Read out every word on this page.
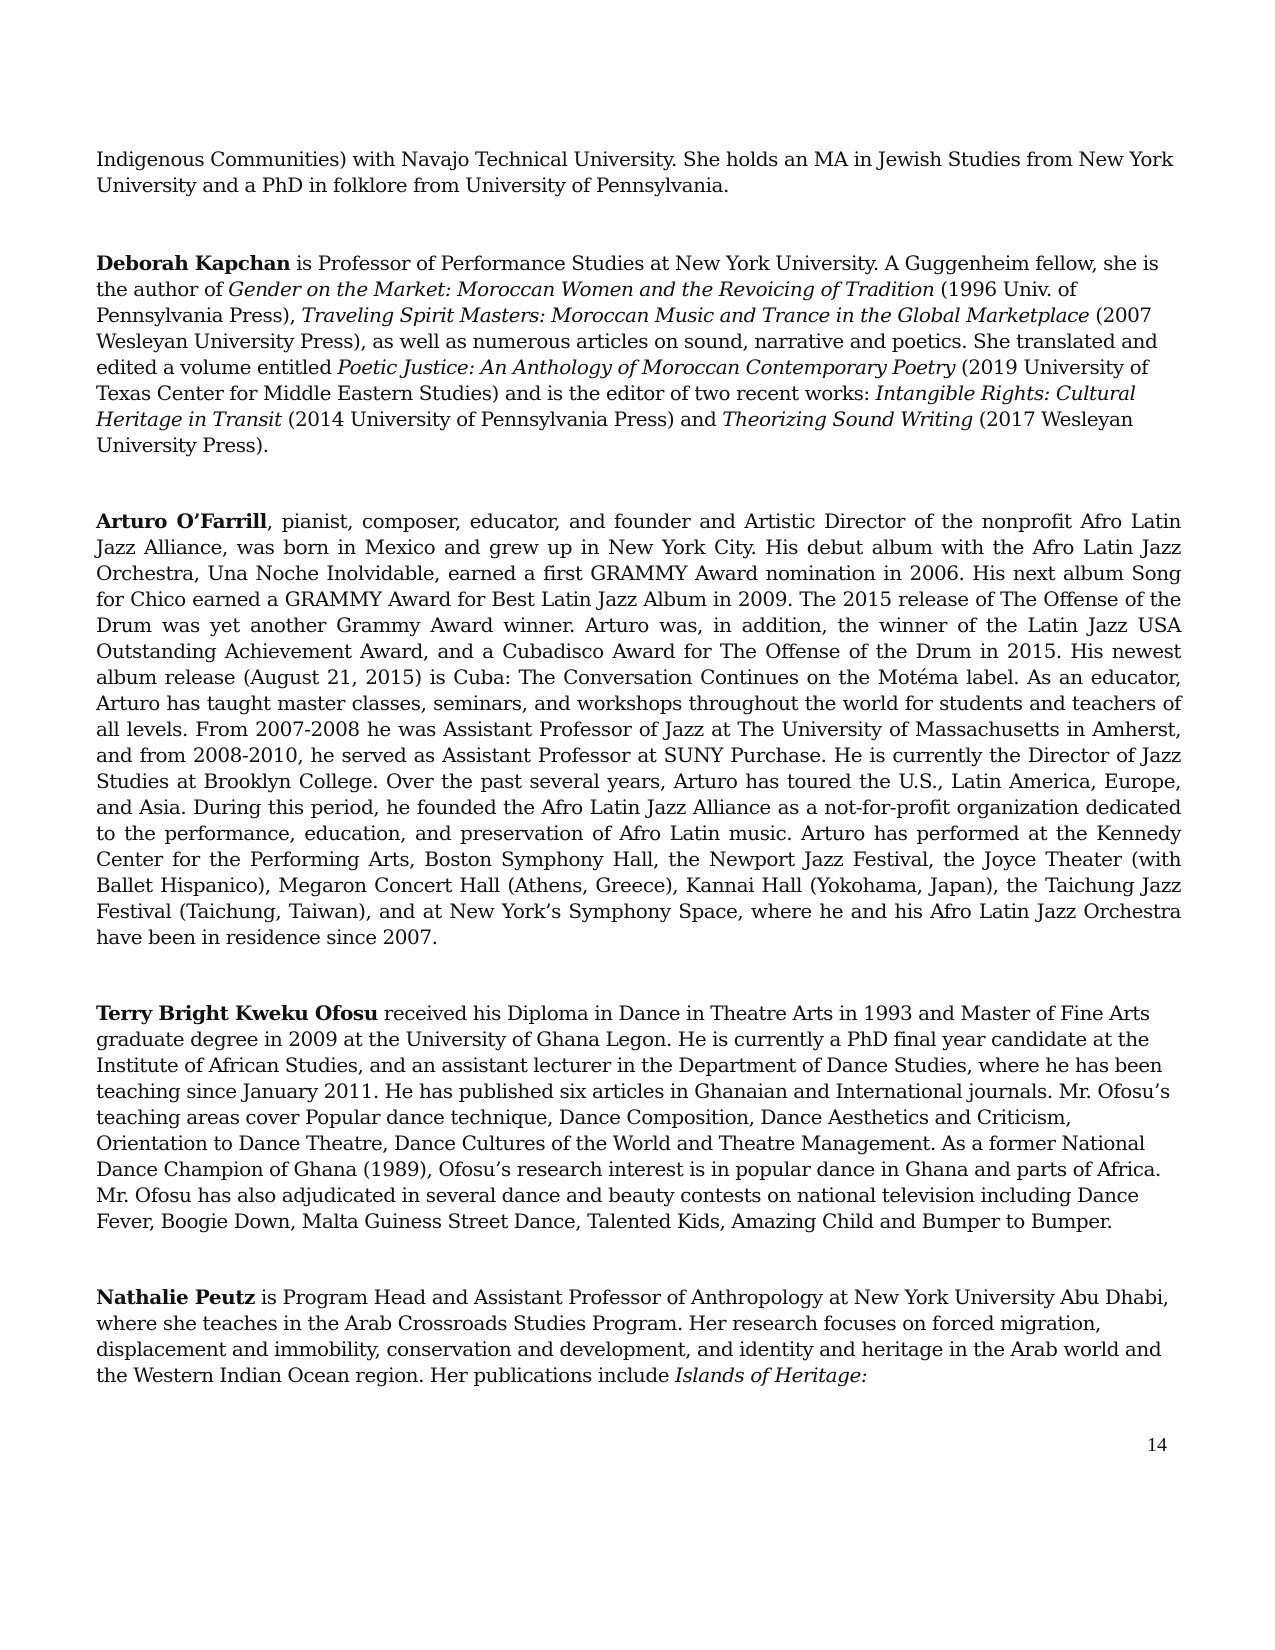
Indigenous Communities) with Navajo Technical University. She holds an MA in Jewish Studies from New York University and a PhD in folklore from University of Pennsylvania.

Deborah Kapchan is Professor of Performance Studies at New York University. A Guggenheim fellow, she is the author of Gender on the Market: Moroccan Women and the Revoicing of Tradition (1996 Univ. of Pennsylvania Press), Traveling Spirit Masters: Moroccan Music and Trance in the Global Marketplace (2007 Wesleyan University Press), as well as numerous articles on sound, narrative and poetics. She translated and edited a volume entitled Poetic Justice: An Anthology of Moroccan Contemporary Poetry (2019 University of Texas Center for Middle Eastern Studies) and is the editor of two recent works: Intangible Rights: Cultural Heritage in Transit (2014 University of Pennsylvania Press) and Theorizing Sound Writing (2017 Wesleyan University Press).

Arturo O’Farrill, pianist, composer, educator, and founder and Artistic Director of the nonprofit Afro Latin Jazz Alliance, was born in Mexico and grew up in New York City. His debut album with the Afro Latin Jazz Orchestra, Una Noche Inolvidable, earned a first GRAMMY Award nomination in 2006. His next album Song for Chico earned a GRAMMY Award for Best Latin Jazz Album in 2009. The 2015 release of The Offense of the Drum was yet another Grammy Award winner. Arturo was, in addition, the winner of the Latin Jazz USA Outstanding Achievement Award, and a Cubadisco Award for The Offense of the Drum in 2015. His newest album release (August 21, 2015) is Cuba: The Conversation Continues on the Motéma label. As an educator, Arturo has taught master classes, seminars, and workshops throughout the world for students and teachers of all levels. From 2007-2008 he was Assistant Professor of Jazz at The University of Massachusetts in Amherst, and from 2008-2010, he served as Assistant Professor at SUNY Purchase. He is currently the Director of Jazz Studies at Brooklyn College. Over the past several years, Arturo has toured the U.S., Latin America, Europe, and Asia. During this period, he founded the Afro Latin Jazz Alliance as a not-for-profit organization dedicated to the performance, education, and preservation of Afro Latin music. Arturo has performed at the Kennedy Center for the Performing Arts, Boston Symphony Hall, the Newport Jazz Festival, the Joyce Theater (with Ballet Hispanico), Megaron Concert Hall (Athens, Greece), Kannai Hall (Yokohama, Japan), the Taichung Jazz Festival (Taichung, Taiwan), and at New York’s Symphony Space, where he and his Afro Latin Jazz Orchestra have been in residence since 2007.

Terry Bright Kweku Ofosu received his Diploma in Dance in Theatre Arts in 1993 and Master of Fine Arts graduate degree in 2009 at the University of Ghana Legon. He is currently a PhD final year candidate at the Institute of African Studies, and an assistant lecturer in the Department of Dance Studies, where he has been teaching since January 2011. He has published six articles in Ghanaian and International journals. Mr. Ofosu’s teaching areas cover Popular dance technique, Dance Composition, Dance Aesthetics and Criticism, Orientation to Dance Theatre, Dance Cultures of the World and Theatre Management. As a former National Dance Champion of Ghana (1989), Ofosu’s research interest is in popular dance in Ghana and parts of Africa. Mr. Ofosu has also adjudicated in several dance and beauty contests on national television including Dance Fever, Boogie Down, Malta Guiness Street Dance, Talented Kids, Amazing Child and Bumper to Bumper.

Nathalie Peutz is Program Head and Assistant Professor of Anthropology at New York University Abu Dhabi, where she teaches in the Arab Crossroads Studies Program. Her research focuses on forced migration, displacement and immobility, conservation and development, and identity and heritage in the Arab world and the Western Indian Ocean region. Her publications include Islands of Heritage:

14
